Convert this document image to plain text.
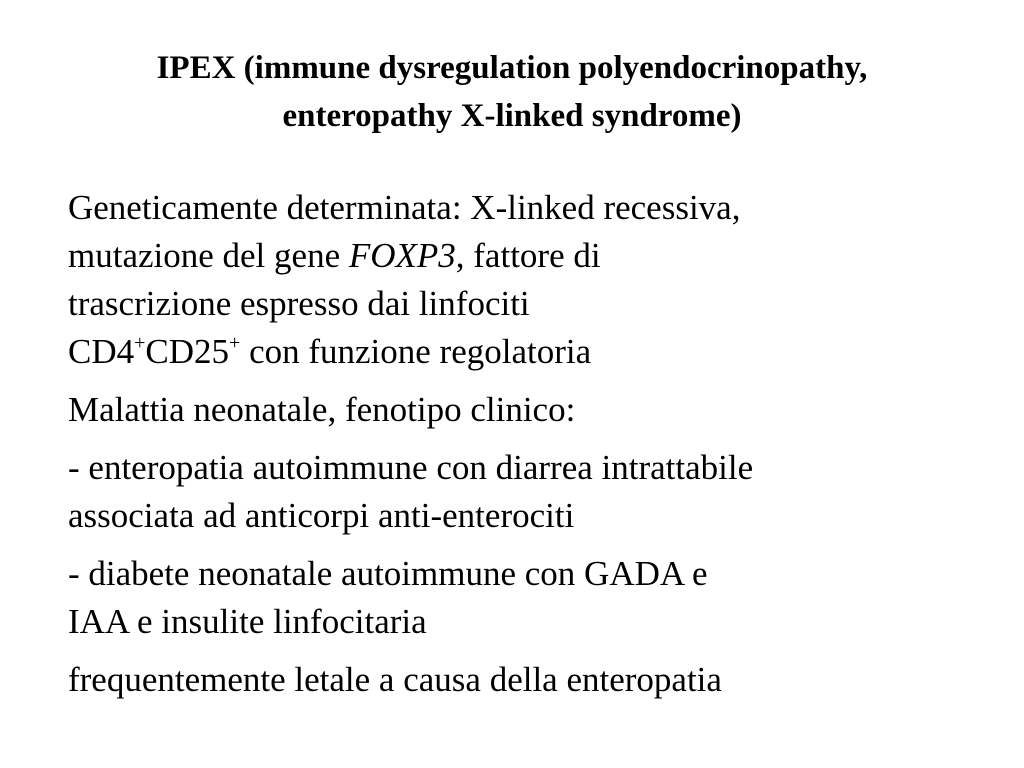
IPEX (immune dysregulation polyendocrinopathy,
enteropathy X-linked syndrome)
Geneticamente determinata: X-linked recessiva,
mutazione del gene FOXP3, fattore di
trascrizione espresso dai linfociti
CD4+CD25+ con funzione regolatoria
Malattia neonatale, fenotipo clinico:
- enteropatia autoimmune con diarrea intrattabile
associata ad anticorpi anti-enterociti
- diabete neonatale autoimmune con GADA e
IAA e insulite linfocitaria
frequentemente letale a causa della enteropatia
